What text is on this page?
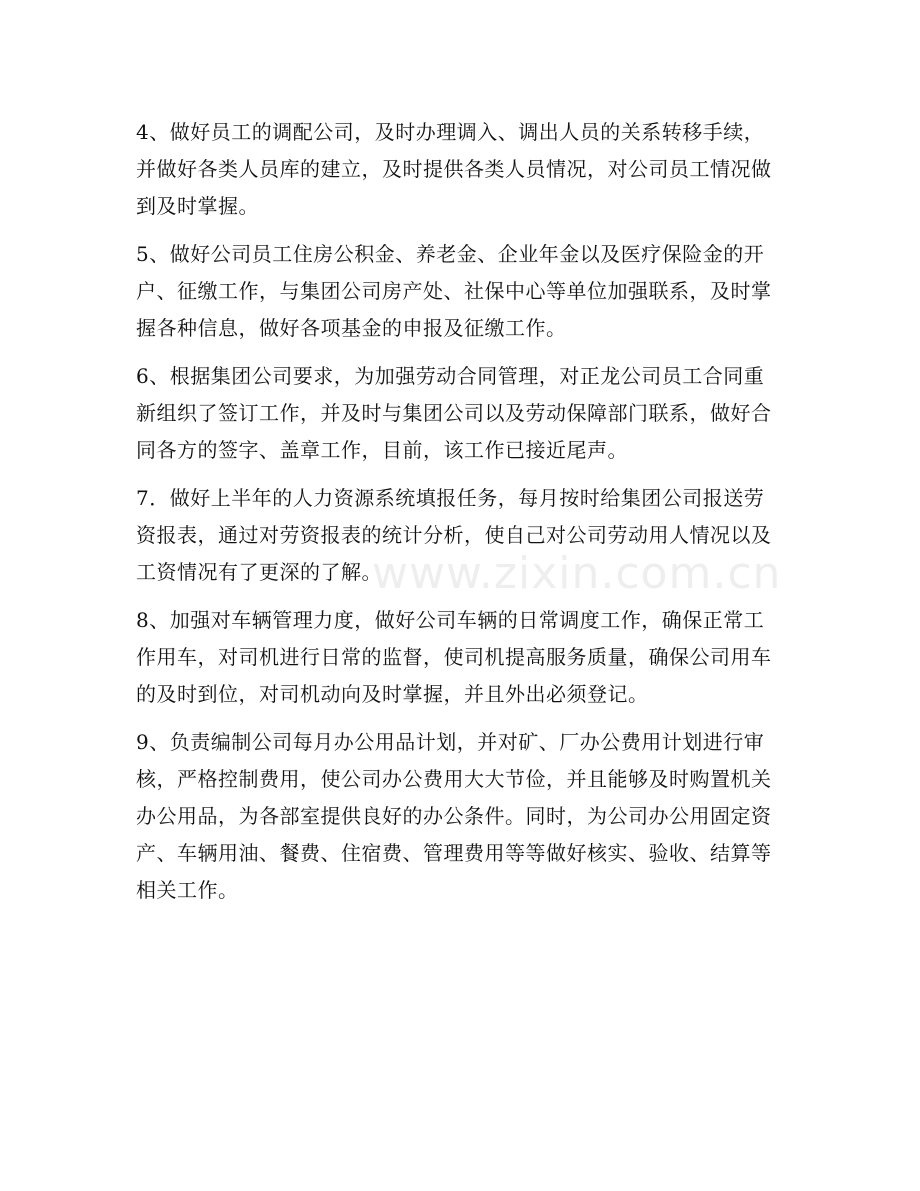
4、做好员工的调配公司，及时办理调入、调出人员的关系转移手续，
并做好各类人员库的建立，及时提供各类人员情况，对公司员工情况做
到及时掌握。

5、做好公司员工住房公积金、养老金、企业年金以及医疗保险金的开
户、征缴工作，与集团公司房产处、社保中心等单位加强联系，及时掌
握各种信息，做好各项基金的申报及征缴工作。

6、根据集团公司要求，为加强劳动合同管理，对正龙公司员工合同重
新组织了签订工作，并及时与集团公司以及劳动保障部门联系，做好合
同各方的签字、盖章工作，目前，该工作已接近尾声。

7．做好上半年的人力资源系统填报任务，每月按时给集团公司报送劳
资报表，通过对劳资报表的统计分析，使自己对公司劳动用人情况以及
工资情况有了更深的了解。

8、加强对车辆管理力度，做好公司车辆的日常调度工作，确保正常工
作用车，对司机进行日常的监督，使司机提高服务质量，确保公司用车
的及时到位，对司机动向及时掌握，并且外出必须登记。

9、负责编制公司每月办公用品计划，并对矿、厂办公费用计划进行审
核，严格控制费用，使公司办公费用大大节俭，并且能够及时购置机关
办公用品，为各部室提供良好的办公条件。同时，为公司办公用固定资
产、车辆用油、餐费、住宿费、管理费用等等做好核实、验收、结算等
相关工作。

www.zixin.com.cn
